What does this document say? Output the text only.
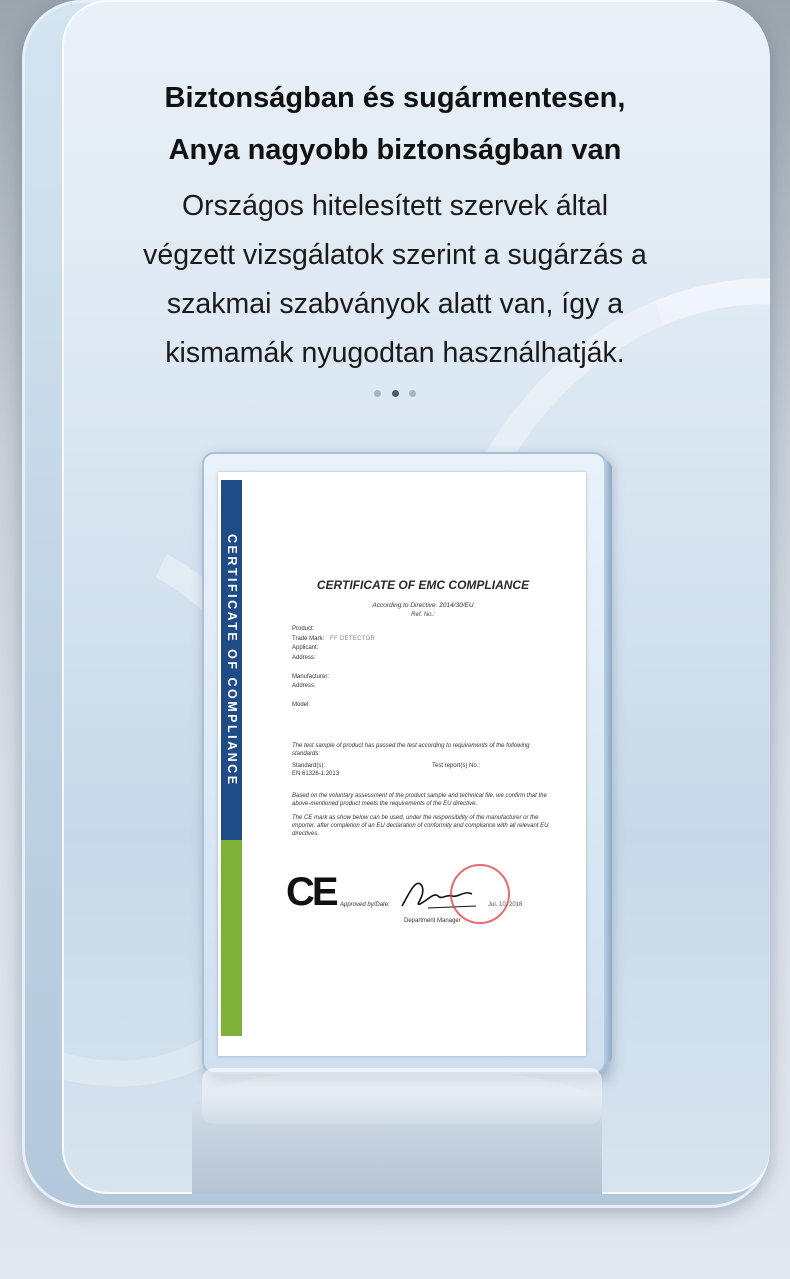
Biztonságban és sugármentesen,
Anya nagyobb biztonságban van
Országos hitelesített szervek által
végzett vizsgálatok szerint a sugárzás a
szakmai szabványok alatt van, így a
kismamák nyugodtan használhatják.

CERTIFICATE OF COMPLIANCE	CERTIFICATE OF EMC COMPLIANCE
According to Directive: 2014/30/EU
Ref. No.:
Product:
Trade Mark: FF DETECTOR
Applicant:
Address:
Manufacturer:
Address:
Model:
The test sample of product has passed the test according to requirements of the following standards:
Standard(s):
EN 61326-1:2013
Test report(s) No.:
Based on the voluntary assessment of the product sample and technical file, we confirm that the above-mentioned product meets the requirements of the EU directive.
The CE mark as show below can be used, under the responsibility of the manufacturer or the importer, after completion of an EU declaration of conformity and compliance with all relevant EU directives.
CE Approved by/Date:	Jul. 10, 2018
Department Manager
